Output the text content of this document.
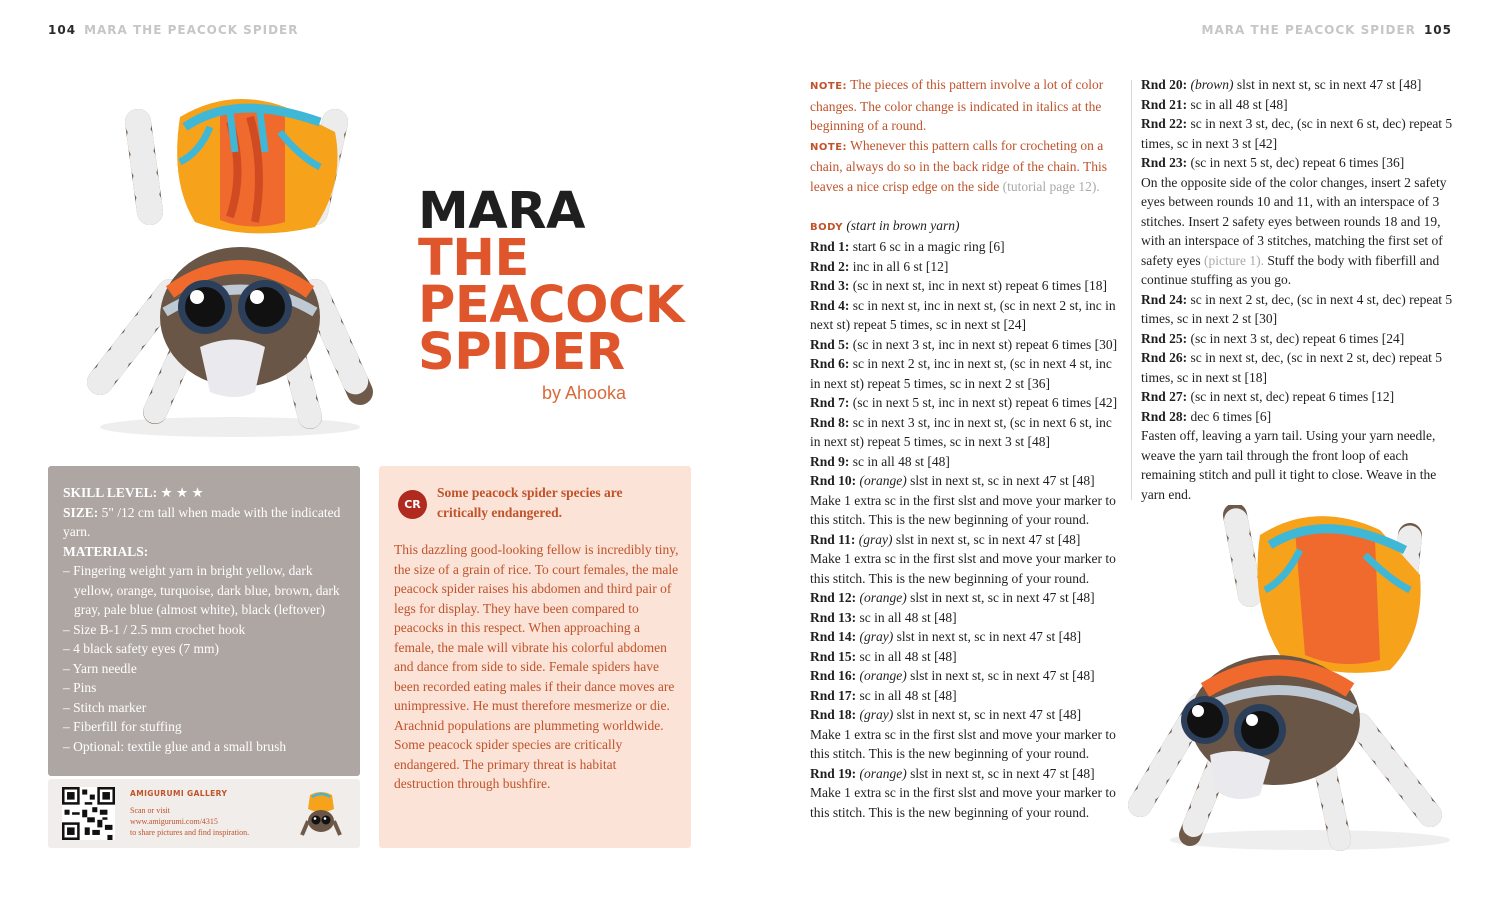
104 MARA THE PEACOCK SPIDER	MARA THE PEACOCK SPIDER 105
MARA
THE
PEACOCK
SPIDER
by Ahooka
SKILL LEVEL: ★ ★ ★
SIZE: 5" /12 cm tall when made with the indicated yarn.
MATERIALS:
– Fingering weight yarn in bright yellow, dark yellow, orange, turquoise, dark blue, brown, dark gray, pale blue (almost white), black (leftover)
– Size B-1 / 2.5 mm crochet hook
– 4 black safety eyes (7 mm)
– Yarn needle
– Pins
– Stitch marker
– Fiberfill for stuffing
– Optional: textile glue and a small brush
AMIGURUMI GALLERY
Scan or visit
www.amigurumi.com/4315
to share pictures and find inspiration.
CR
Some peacock spider species are critically endangered.
This dazzling good-looking fellow is incredibly tiny, the size of a grain of rice. To court females, the male peacock spider raises his abdomen and third pair of legs for display. They have been compared to peacocks in this respect. When approaching a female, the male will vibrate his colorful abdomen and dance from side to side. Female spiders have been recorded eating males if their dance moves are unimpressive. He must therefore mesmerize or die. Arachnid populations are plummeting worldwide. Some peacock spider species are critically endangered. The primary threat is habitat destruction through bushfire.

NOTE: The pieces of this pattern involve a lot of color changes. The color change is indicated in italics at the beginning of a round.

NOTE: Whenever this pattern calls for crocheting on a chain, always do so in the back ridge of the chain. This leaves a nice crisp edge on the side (tutorial page 12).

BODY (start in brown yarn)

Rnd 1: start 6 sc in a magic ring [6]

Rnd 2: inc in all 6 st [12]

Rnd 3: (sc in next st, inc in next st) repeat 6 times [18]

Rnd 4: sc in next st, inc in next st, (sc in next 2 st, inc in next st) repeat 5 times, sc in next st [24]

Rnd 5: (sc in next 3 st, inc in next st) repeat 6 times [30]

Rnd 6: sc in next 2 st, inc in next st, (sc in next 4 st, inc in next st) repeat 5 times, sc in next 2 st [36]

Rnd 7: (sc in next 5 st, inc in next st) repeat 6 times [42]

Rnd 8: sc in next 3 st, inc in next st, (sc in next 6 st, inc in next st) repeat 5 times, sc in next 3 st [48]

Rnd 9: sc in all 48 st [48]

Rnd 10: (orange) slst in next st, sc in next 47 st [48]

Make 1 extra sc in the first slst and move your marker to this stitch. This is the new beginning of your round.

Rnd 11: (gray) slst in next st, sc in next 47 st [48]

Make 1 extra sc in the first slst and move your marker to this stitch. This is the new beginning of your round.

Rnd 12: (orange) slst in next st, sc in next 47 st [48]

Rnd 13: sc in all 48 st [48]

Rnd 14: (gray) slst in next st, sc in next 47 st [48]

Rnd 15: sc in all 48 st [48]

Rnd 16: (orange) slst in next st, sc in next 47 st [48]

Rnd 17: sc in all 48 st [48]

Rnd 18: (gray) slst in next st, sc in next 47 st [48]

Make 1 extra sc in the first slst and move your marker to this stitch. This is the new beginning of your round.

Rnd 19: (orange) slst in next st, sc in next 47 st [48]

Make 1 extra sc in the first slst and move your marker to this stitch. This is the new beginning of your round.

Rnd 20: (brown) slst in next st, sc in next 47 st [48]

Rnd 21: sc in all 48 st [48]

Rnd 22: sc in next 3 st, dec, (sc in next 6 st, dec) repeat 5 times, sc in next 3 st [42]

Rnd 23: (sc in next 5 st, dec) repeat 6 times [36]

On the opposite side of the color changes, insert 2 safety eyes between rounds 10 and 11, with an interspace of 3 stitches. Insert 2 safety eyes between rounds 18 and 19, with an interspace of 3 stitches, matching the first set of safety eyes (picture 1). Stuff the body with fiberfill and continue stuffing as you go.

Rnd 24: sc in next 2 st, dec, (sc in next 4 st, dec) repeat 5 times, sc in next 2 st [30]

Rnd 25: (sc in next 3 st, dec) repeat 6 times [24]

Rnd 26: sc in next st, dec, (sc in next 2 st, dec) repeat 5 times, sc in next st [18]

Rnd 27: (sc in next st, dec) repeat 6 times [12]

Rnd 28: dec 6 times [6]

Fasten off, leaving a yarn tail. Using your yarn needle, weave the yarn tail through the front loop of each remaining stitch and pull it tight to close. Weave in the yarn end.
